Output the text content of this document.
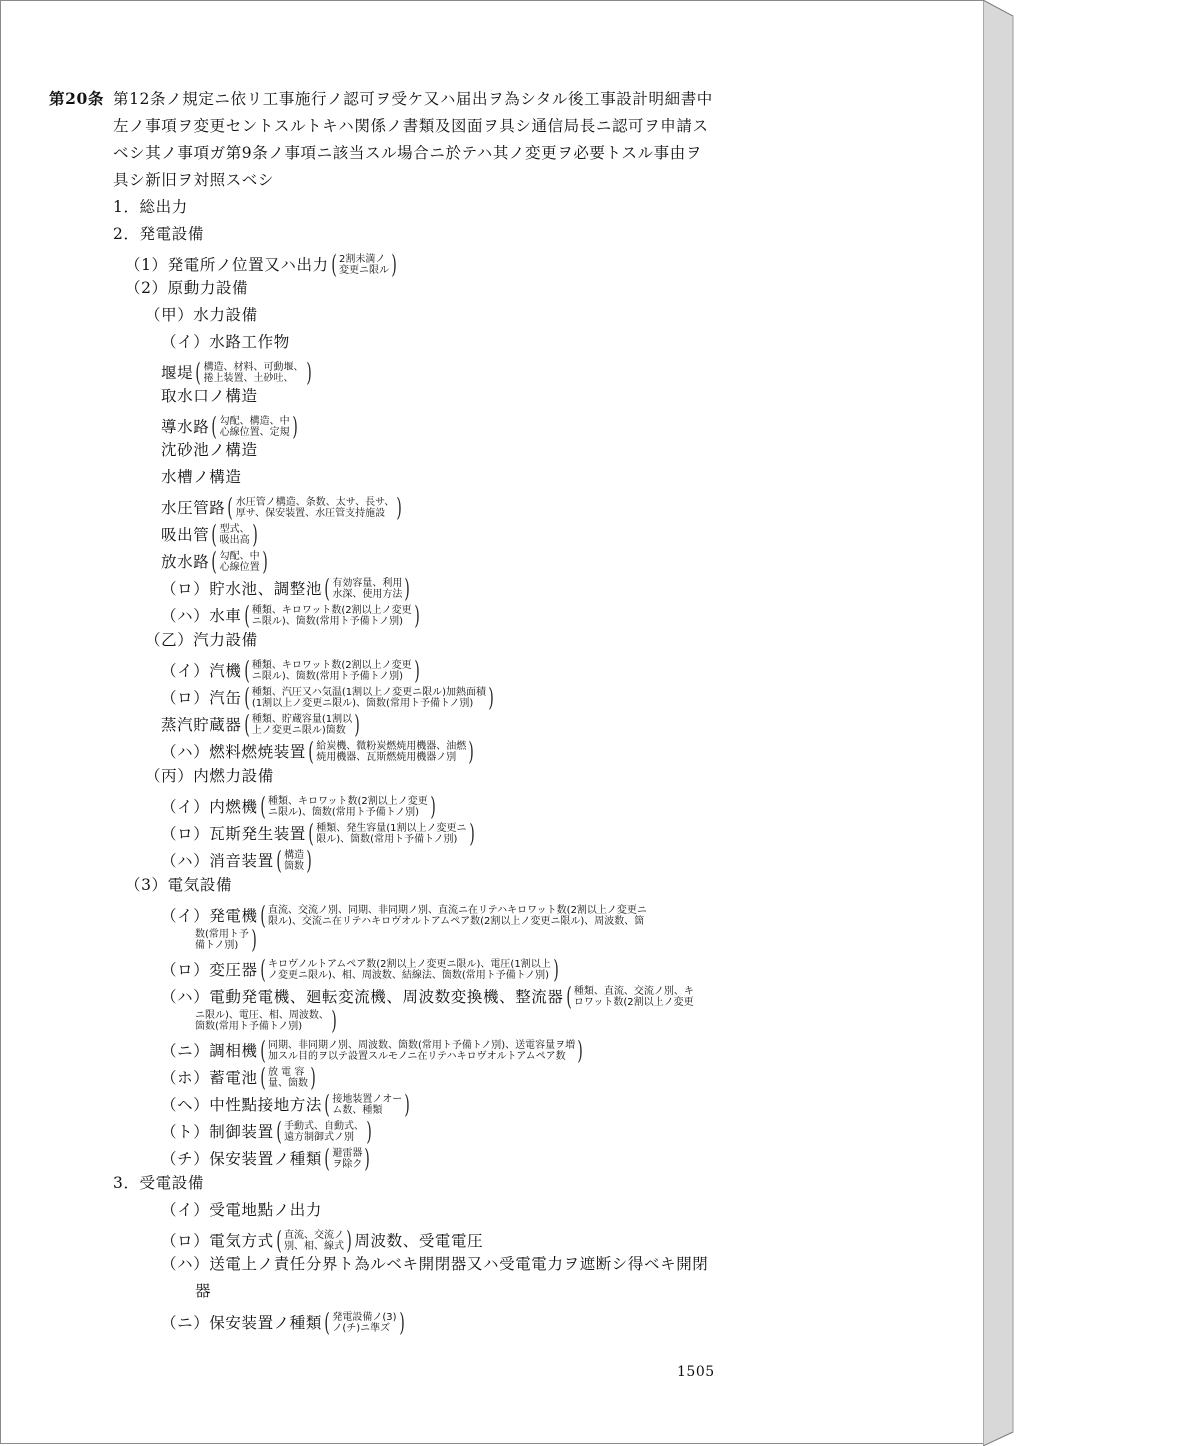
第20条 第12条ノ規定ニ依リ工事施行ノ認可ヲ受ケ又ハ届出ヲ為シタル後工事設計明細書中
左ノ事項ヲ変更セントスルトキハ関係ノ書類及図面ヲ具シ通信局長ニ認可ヲ申請ス
ベシ其ノ事項ガ第9条ノ事項ニ該当スル場合ニ於テハ其ノ変更ヲ必要トスル事由ヲ
具シ新旧ヲ対照スベシ
1．総出力
2．発電設備
（1）発電所ノ位置又ハ出力 ( 2割未満ノ
変更ニ限ル )
（2）原動力設備
（甲）水力設備
（イ）水路工作物
堰堤 ( 構造、材料、可動堰、
捲上装置、土砂吐、 )
取水口ノ構造
導水路 ( 勾配、構造、中
心線位置、定規 )
沈砂池ノ構造
水槽ノ構造
水圧管路 ( 水圧管ノ構造、条数、太サ、長サ、
厚サ、保安装置、水圧管支持施設 )
吸出管 ( 型式、
吸出高 )
放水路 ( 勾配、中
心線位置 )
（ロ）貯水池、調整池 ( 有効容量、利用
水深、使用方法 )
（ハ）水車 ( 種類、キロワット数(2割以上ノ変更
ニ限ル)、箇数(常用ト予備トノ別) )
（乙）汽力設備
（イ）汽機 ( 種類、キロワット数(2割以上ノ変更
ニ限ル)、箇数(常用ト予備トノ別) )
（ロ）汽缶 ( 種類、汽圧又ハ気温(1割以上ノ変更ニ限ル)加熱面積
(1割以上ノ変更ニ限ル)、箇数(常用ト予備トノ別) )
蒸汽貯蔵器 ( 種類、貯蔵容量(1割以
上ノ変更ニ限ル)箇数 )
（ハ）燃料燃焼装置 ( 給炭機、微粉炭燃焼用機器、油燃
焼用機器、瓦斯燃焼用機器ノ別 )
（丙）内燃力設備
（イ）内燃機 ( 種類、キロワット数(2割以上ノ変更
ニ限ル)、箇数(常用ト予備トノ別) )
（ロ）瓦斯発生装置 ( 種類、発生容量(1割以上ノ変更ニ
限ル)、箇数(常用ト予備トノ別) )
（ハ）消音装置 ( 構造
箇数 )
（3）電気設備
（イ）発電機 ( 直流、交流ノ別、同期、非同期ノ別、直流ニ在リテハキロワット数(2割以上ノ変更ニ
限ル)、交流ニ在リテハキロヴオルトアムペア数(2割以上ノ変更ニ限ル)、周波数、箇
数(常用ト予
備トノ別) )
（ロ）変圧器 ( キロヴノルトアムペア数(2割以上ノ変更ニ限ル)、電圧(1割以上
ノ変更ニ限ル)、相、周波数、結線法、箇数(常用ト予備トノ別) )
（ハ）電動発電機、廻転変流機、周波数変換機、整流器 ( 種類、直流、交流ノ別、キ
ロワット数(2割以上ノ変更
ニ限ル)、電圧、相、周波数、
箇数(常用ト予備トノ別)	)
（ニ）調相機 ( 同期、非同期ノ別、周波数、箇数(常用ト予備トノ別)、送電容量ヲ増
加スル目的ヲ以テ設置スルモノニ在リテハキロヴオルトアムペア数 )
（ホ）蓄電池 ( 放 電 容
量、箇数 )
（ヘ）中性點接地方法 ( 接地装置ノオー
ム数、種類 )
（ト）制御装置 ( 手動式、自動式、
遠方制御式ノ別 )
（チ）保安装置ノ種類 ( 避雷器
ヲ除ク )
3．受電設備
（イ）受電地點ノ出力
（ロ）電気方式 ( 直流、交流ノ
別、相、線式 ) 周波数、受電電圧
（ハ）送電上ノ責任分界ト為ルベキ開閉器又ハ受電電力ヲ遮断シ得ベキ開閉
器
（ニ）保安装置ノ種類 ( 発電設備ノ(3)
ノ(チ)ニ準ズ )
1505
